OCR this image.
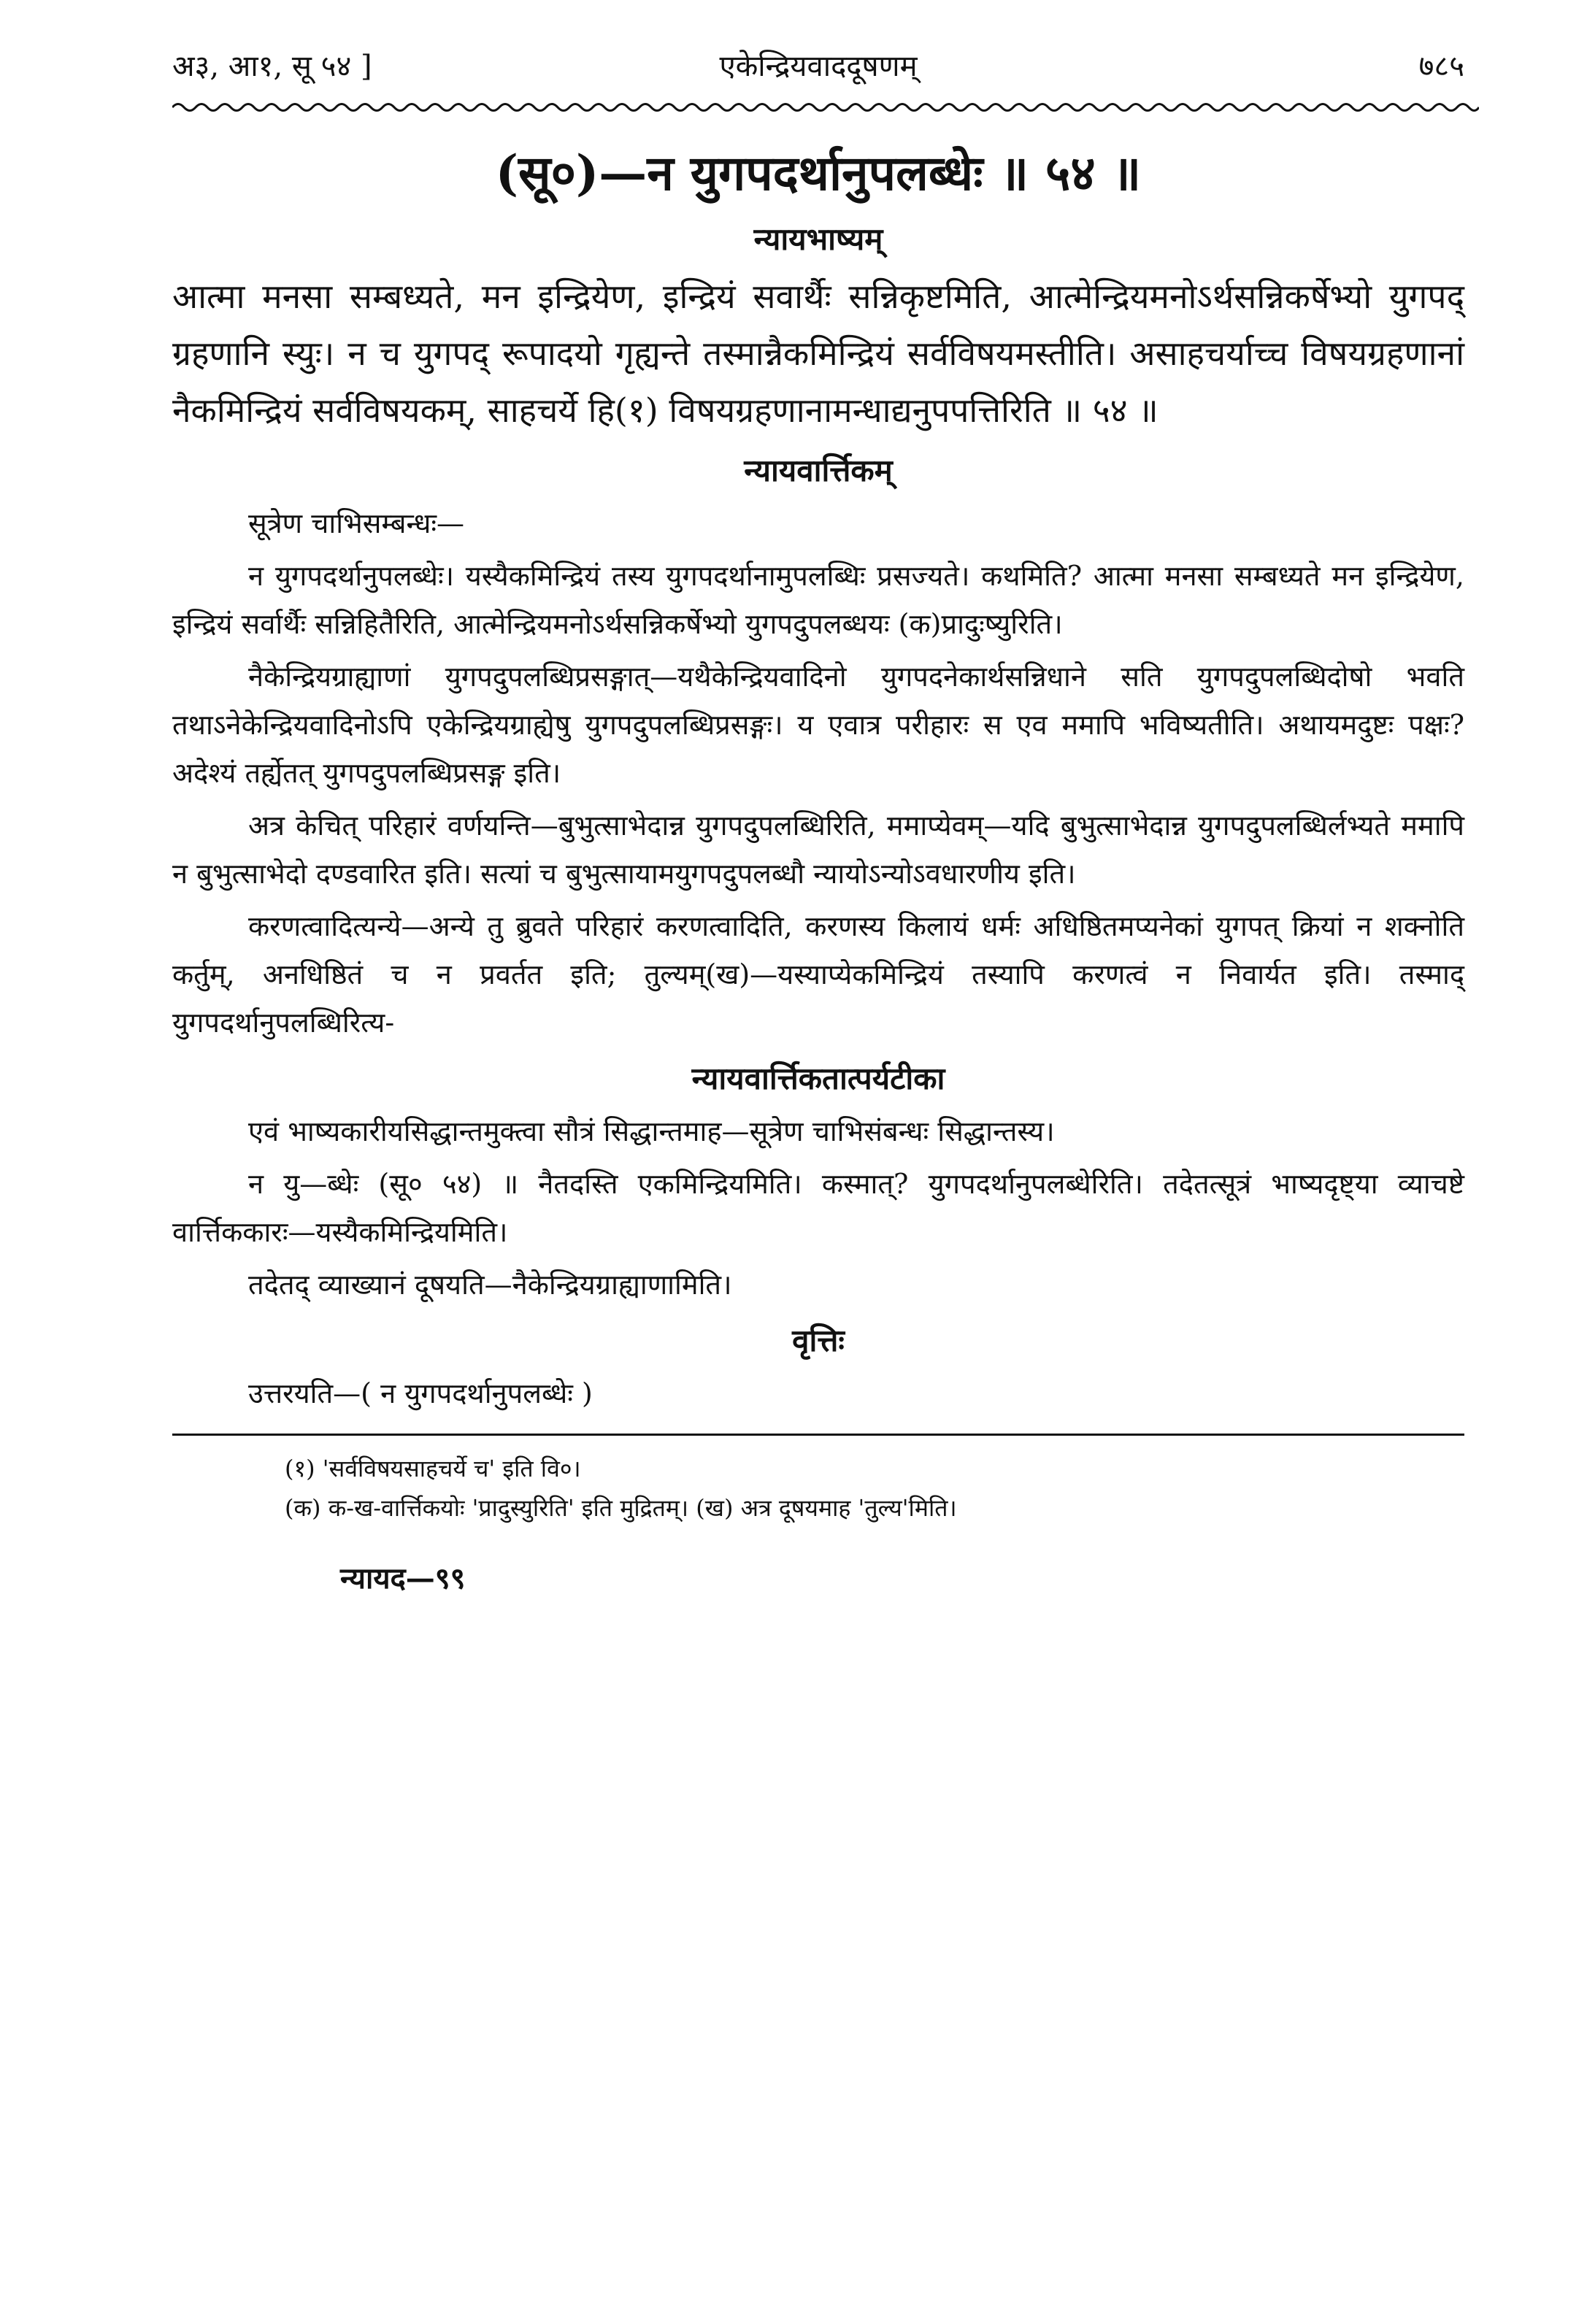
अ३, आ१, सू ५४ ]	एकेन्द्रियवाददूषणम्	७८५
(सू०)—न युगपदर्थानुपलब्धेः ॥ ५४ ॥
न्यायभाष्यम्

आत्मा मनसा सम्बध्यते, मन इन्द्रियेण, इन्द्रियं सवार्थैः सन्निकृष्टमिति, आत्मेन्द्रियमनोऽर्थसन्निकर्षेभ्यो युगपद् ग्रहणानि स्युः। न च युगपद् रूपादयो गृह्यन्ते तस्मान्नैकमिन्द्रियं सर्वविषयमस्तीति। असाहचर्याच्च विषयग्रहणानां नैकमिन्द्रियं सर्वविषयकम्, साहचर्ये हि(१) विषयग्रहणानामन्धाद्यनुपपत्तिरिति ॥ ५४ ॥

न्यायवार्त्तिकम्

सूत्रेण चाभिसम्बन्धः—

न युगपदर्थानुपलब्धेः। यस्यैकमिन्द्रियं तस्य युगपदर्थानामुपलब्धिः प्रसज्यते। कथमिति? आत्मा मनसा सम्बध्यते मन इन्द्रियेण, इन्द्रियं सर्वार्थैः सन्निहितैरिति, आत्मेन्द्रियमनोऽर्थसन्निकर्षेभ्यो युगपदुपलब्धयः (क)प्रादुःष्युरिति।

नैकेन्द्रियग्राह्याणां युगपदुपलब्धिप्रसङ्गात्—यथैकेन्द्रियवादिनो युगपदनेकार्थसन्निधाने सति युगपदुपलब्धिदोषो भवति तथाऽनेकेन्द्रियवादिनोऽपि एकेन्द्रियग्राह्येषु युगपदुपलब्धिप्रसङ्गः। य एवात्र परीहारः स एव ममापि भविष्यतीति। अथायमदुष्टः पक्षः? अदेश्यं तर्ह्येतत् युगपदुपलब्धिप्रसङ्ग इति।

अत्र केचित् परिहारं वर्णयन्ति—बुभुत्साभेदान्न युगपदुपलब्धिरिति, ममाप्येवम्—यदि बुभुत्साभेदान्न युगपदुपलब्धिर्लभ्यते ममापि न बुभुत्साभेदो दण्डवारित इति। सत्यां च बुभुत्सायामयुगपदुपलब्धौ न्यायोऽन्योऽवधारणीय इति।

करणत्वादित्यन्ये—अन्ये तु ब्रुवते परिहारं करणत्वादिति, करणस्य किलायं धर्मः अधिष्ठितमप्यनेकां युगपत् क्रियां न शक्नोति कर्तुम्, अनधिष्ठितं च न प्रवर्तत इति; तुल्यम्(ख)—यस्याप्येकमिन्द्रियं तस्यापि करणत्वं न निवार्यत इति। तस्माद् युगपदर्थानुपलब्धिरित्य-

न्यायवार्त्तिकतात्पर्यटीका

एवं भाष्यकारीयसिद्धान्तमुक्त्वा सौत्रं सिद्धान्तमाह—सूत्रेण चाभिसंबन्धः सिद्धान्तस्य।

न यु—ब्धेः (सू० ५४) ॥ नैतदस्ति एकमिन्द्रियमिति। कस्मात्? युगपदर्थानुपलब्धेरिति। तदेतत्सूत्रं भाष्यदृष्ट्या व्याचष्टे वार्त्तिककारः—यस्यैकमिन्द्रियमिति।

तदेतद् व्याख्यानं दूषयति—नैकेन्द्रियग्राह्याणामिति।

वृत्तिः

उत्तरयति—( न युगपदर्थानुपलब्धेः )

(१) 'सर्वविषयसाहचर्ये च' इति वि०।

(क) क-ख-वार्त्तिकयोः 'प्रादुस्युरिति' इति मुद्रितम्। (ख) अत्र दूषयमाह 'तुल्य'मिति।

न्यायद—९९
